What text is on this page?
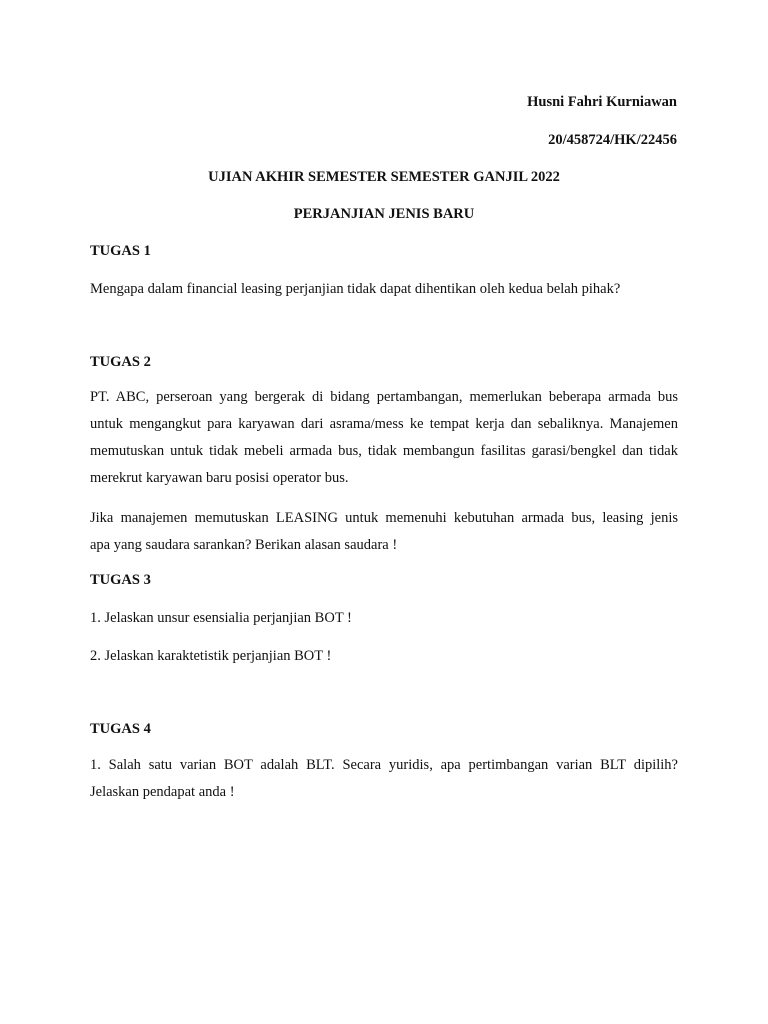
Husni Fahri Kurniawan

20/458724/HK/22456

UJIAN AKHIR SEMESTER SEMESTER GANJIL 2022

PERJANJIAN JENIS BARU

TUGAS 1

Mengapa dalam financial leasing perjanjian tidak dapat dihentikan oleh kedua belah pihak?

TUGAS 2

PT. ABC, perseroan yang bergerak di bidang pertambangan, memerlukan beberapa armada bus
untuk mengangkut para karyawan dari asrama/mess ke tempat kerja dan sebaliknya. Manajemen
memutuskan untuk tidak mebeli armada bus, tidak membangun fasilitas garasi/bengkel dan tidak
merekrut karyawan baru posisi operator bus.
Jika manajemen memutuskan LEASING untuk memenuhi kebutuhan armada bus, leasing jenis
apa yang saudara sarankan? Berikan alasan saudara !

TUGAS 3

1. Jelaskan unsur esensialia perjanjian BOT !

2. Jelaskan karaktetistik perjanjian BOT !

TUGAS 4

1. Salah satu varian BOT adalah BLT. Secara yuridis, apa pertimbangan varian BLT dipilih?
Jelaskan pendapat anda !
